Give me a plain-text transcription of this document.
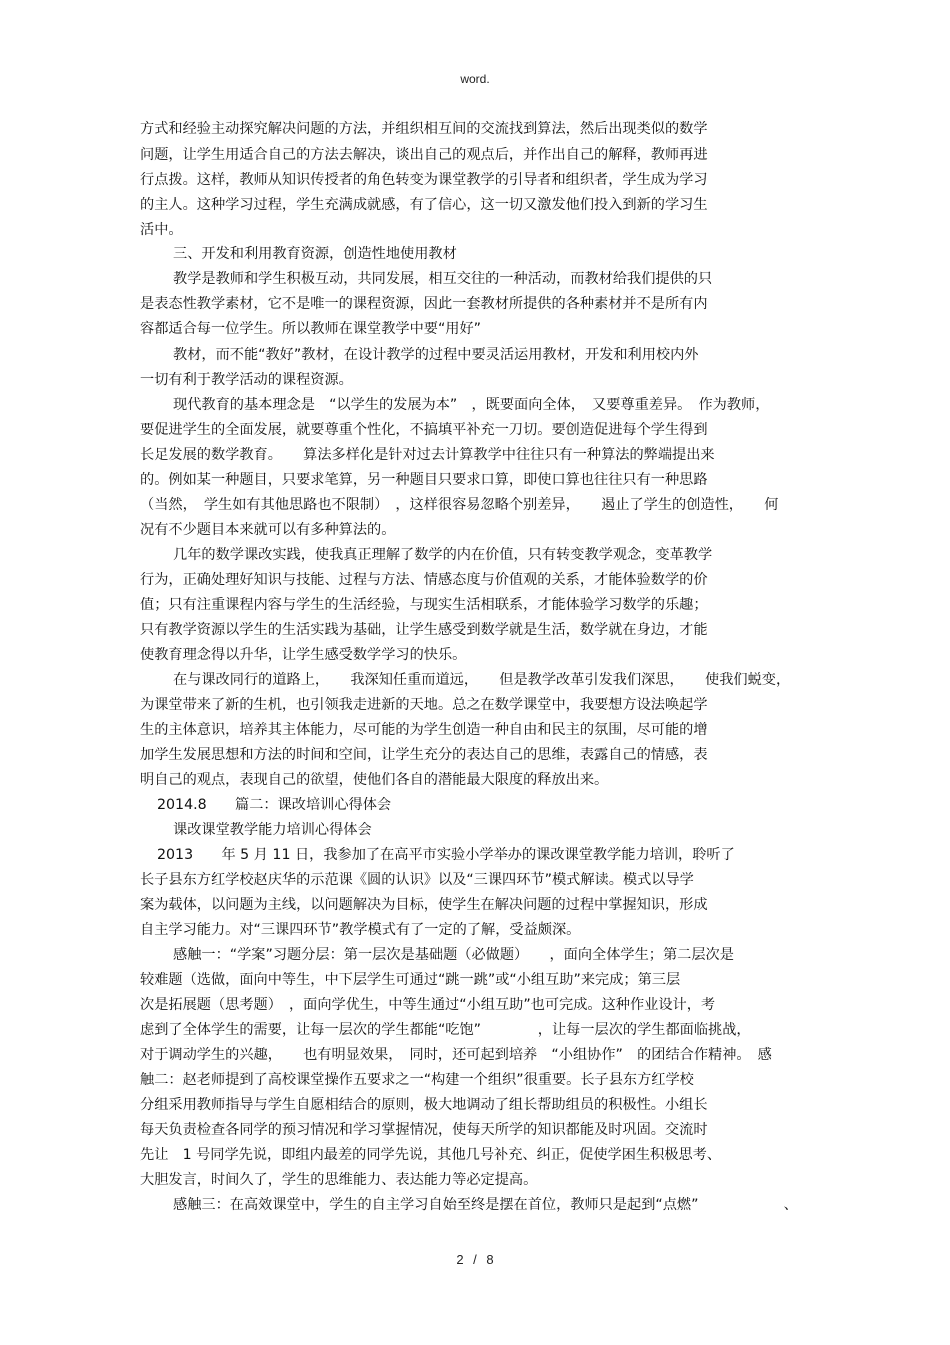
word.
方式和经验主动探究解决问题的方法，并组织相互间的交流找到算法，然后出现类似的数学
问题，让学生用适合自己的方法去解决，谈出自己的观点后，并作出自己的解释，教师再进
行点拨。这样，教师从知识传授者的角色转变为课堂教学的引导者和组织者，学生成为学习
的主人。这种学习过程，学生充满成就感，有了信心，这一切又激发他们投入到新的学习生
活中。
三、开发和利用教育资源，创造性地使用教材
教学是教师和学生积极互动，共同发展，相互交往的一种活动，而教材给我们提供的只
是表态性教学素材，它不是唯一的课程资源，因此一套教材所提供的各种素材并不是所有内
容都适合每一位学生。所以教师在课堂教学中要“用好”
教材，而不能“教好”教材，在设计教学的过程中要灵活运用教材，开发和利用校内外
一切有利于教学活动的课程资源。
现代教育的基本理念是　“以学生的发展为本”　，既要面向全体，　又要尊重差异。　作为教师，
要促进学生的全面发展，就要尊重个性化，不搞填平补充一刀切。要创造促进每个学生得到
长足发展的数学教育。　　算法多样化是针对过去计算教学中往往只有一种算法的弊端提出来
的。例如某一种题目，只要求笔算，另一种题目只要求口算，即使口算也往往只有一种思路
（当然，　学生如有其他思路也不限制）　，这样很容易忽略个别差异，　　遏止了学生的创造性，　　何
况有不少题目本来就可以有多种算法的。
几年的数学课改实践，使我真正理解了数学的内在价值，只有转变教学观念，变革教学
行为，正确处理好知识与技能、过程与方法、情感态度与价值观的关系，才能体验数学的价
值；只有注重课程内容与学生的生活经验，与现实生活相联系，才能体验学习数学的乐趣；
只有教学资源以学生的生活实践为基础，让学生感受到数学就是生活，数学就在身边，才能
使教育理念得以升华，让学生感受数学学习的快乐。
在与课改同行的道路上，　　我深知任重而道远，　　但是教学改革引发我们深思，　　使我们蜕变，
为课堂带来了新的生机，也引领我走进新的天地。总之在数学课堂中，我要想方设法唤起学
生的主体意识，培养其主体能力，尽可能的为学生创造一种自由和民主的氛围，尽可能的增
加学生发展思想和方法的时间和空间，让学生充分的表达自己的思维，表露自己的情感，表
明自己的观点，表现自己的欲望，使他们各自的潜能最大限度的释放出来。
2014.8　　篇二：课改培训心得体会
课改课堂教学能力培训心得体会
2013　　年 5 月 11 日，我参加了在高平市实验小学举办的课改课堂教学能力培训，聆听了
长子县东方红学校赵庆华的示范课《圆的认识》以及“三课四环节”模式解读。模式以导学
案为载体，以问题为主线，以问题解决为目标，使学生在解决问题的过程中掌握知识，形成
自主学习能力。对“三课四环节”教学模式有了一定的了解，受益颇深。
感触一：“学案”习题分层：第一层次是基础题（必做题）　　，面向全体学生；第二层次是
较难题（选做，面向中等生，中下层学生可通过“跳一跳”或“小组互助”来完成；第三层
次是拓展题（思考题）　，面向学优生，中等生通过“小组互助”也可完成。这种作业设计，考
虑到了全体学生的需要，让每一层次的学生都能“吃饱”　　　　，让每一层次的学生都面临挑战，
对于调动学生的兴趣，　　也有明显效果，　同时，还可起到培养　“小组协作”　的团结合作精神。　感
触二：赵老师提到了高校课堂操作五要求之一“构建一个组织”很重要。长子县东方红学校
分组采用教师指导与学生自愿相结合的原则，极大地调动了组长帮助组员的积极性。小组长
每天负责检查各同学的预习情况和学习掌握情况，使每天所学的知识都能及时巩固。交流时
先让　1 号同学先说，即组内最差的同学先说，其他几号补充、纠正，促使学困生积极思考、
大胆发言，时间久了，学生的思维能力、表达能力等必定提高。
感触三：在高效课堂中，学生的自主学习自始至终是摆在首位，教师只是起到“点燃”　　　　　　、
2 / 8
